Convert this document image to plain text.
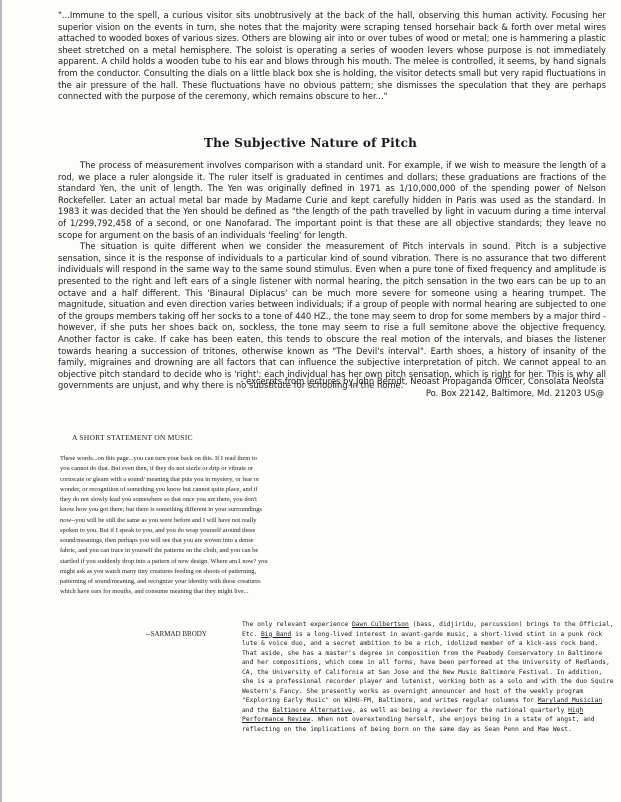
"...Immune to the spell, a curious visitor sits unobtrusively at the back of the hall, observing this human activity. Focusing her superior vision on the events in turn, she notes that the majority were scraping tensed horsehair back & forth over metal wires attached to wooded boxes of various sizes. Others are blowing air into or over tubes of wood or metal; one is hammering a plastic sheet stretched on a metal hemisphere. The soloist is operating a series of wooden levers whose purpose is not immediately apparent. A child holds a wooden tube to his ear and blows through his mouth. The melee is controlled, it seems, by hand signals from the conductor. Consulting the dials on a little black box she is holding, the visitor detects small but very rapid fluctuations in the air pressure of the hall. These fluctuations have no obvious pattern; she dismisses the speculation that they are perhaps connected with the purpose of the ceremony, which remains obscure to her..."
The Subjective Nature of Pitch

The process of measurement involves comparison with a standard unit. For example, if we wish to measure the length of a rod, we place a ruler alongside it. The ruler itself is graduated in centimes and dollars; these graduations are fractions of the standard Yen, the unit of length. The Yen was originally defined in 1971 as 1/10,000,000 of the spending power of Nelson Rockefeller. Later an actual metal bar made by Madame Curie and kept carefully hidden in Paris was used as the standard. In 1983 it was decided that the Yen should be defined as "the length of the path travelled by light in vacuum during a time interval of 1/299,792,458 of a second, or one Nanofarad. The important point is that these are all objective standards; they leave no scope for argument on the basis of an individuals 'feeling' for length.

The situation is quite different when we consider the measurement of Pitch intervals in sound. Pitch is a subjective sensation, since it is the response of individuals to a particular kind of sound vibration. There is no assurance that two different individuals will respond in the same way to the same sound stimulus. Even when a pure tone of fixed frequency and amplitude is presented to the right and left ears of a single listener with normal hearing, the pitch sensation in the two ears can be up to an octave and a half different. This 'Binaural Diplacus' can be much more severe for someone using a hearing trumpet. The magnitude, situation and even direction varies between individuals; if a group of people with normal hearing are subjected to one of the groups members taking off her socks to a tone of 440 HZ., the tone may seem to drop for some members by a major third - however, if she puts her shoes back on, sockless, the tone may seem to rise a full semitone above the objective frequency. Another factor is cake. If cake has been eaten, this tends to obscure the real motion of the intervals, and biases the listener towards hearing a succession of tritones, otherwise known as "The Devil's interval". Earth shoes, a history of insanity of the family, migraines and drowning are all factors that can influence the subjective interpretation of pitch. We cannot appeal to an objective pitch standard to decide who is 'right': each individual has her own pitch sensation, which is right for her. This is why all governments are unjust, and why there is no substitute for schooling in the home.

- excerpts from lectures by John Berndt, Neoast Propaganda Officer, Consolata Neoista
Po. Box 22142, Baltimore, Md. 21203 US@
A SHORT STATEMENT ON MUSIC
These words...on this page...you can turn your back on this. If I read them to you cannot do that. But even then, if they do not sizzle or drip or vibrate or coruscate or gleam with a sound/ meaning that puts you in mystery, or fear or wonder, or recognition of something you know but cannot quite place, and if they do not slowly lead you somewhere so that once you are there, you don't know how you got there; but there is something different in your surroundings now--you will be still the same as you were before and I will have not really spoken to you. But if I speak to you, and you do wrap yourself around these sound/meanings, then perhaps you will see that you are woven into a dense fabric, and you can trace in yourself the patterns on the cloth, and you can be startled if you suddenly drop into a pattern of new design. Where am I now? you might ask as you watch many tiny creatures feeding on shoots of patterning, patterning of sound/meaning, and recognize your identity with these creatures which have ears for mouths, and consume meaning that they might live...
--SARMAD BRODY
The only relevant experience Dawn Culbertson (bass, didjiridu, percussion) brings to the Official, Etc. Big Band is a long-lived interest in avant-garde music, a short-lived stint in a punk rock lute & voice duo, and a secret ambition to be a rich, idolized member of a kick-ass rock band. That aside, she has a master's degree in composition from the Peabody Conservatory in Baltimore and her compositions, which come in all forms, have been performed at the University of Redlands, CA, the University of California at San Jose and the New Music Baltimore Festival. In addition, she is a professional recorder player and lutenist, working both as a solo and with the duo Squire Western's Fancy. She presently works as overnight announcer and host of the weekly program "Exploring Early Music" on WJHU-FM, Baltimore, and writes regular columns for Maryland Musician and the Baltimore Alternative, as well as being a reviewer for the national quarterly High Performance Review. When not overextending herself, she enjoys being in a state of angst, and reflecting on the implications of being born on the same day as Sean Penn and Mae West.
